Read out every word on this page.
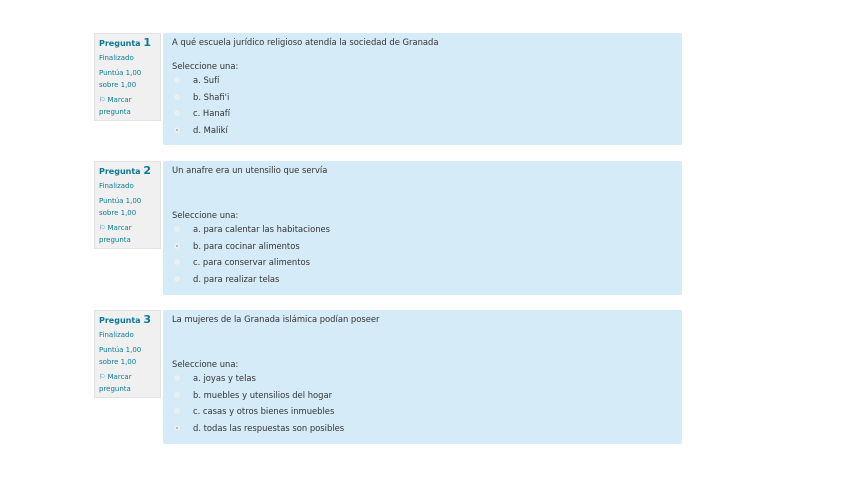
Pregunta 1
Finalizado
Puntúa 1,00
sobre 1,00
⚐ Marcar
pregunta
A qué escuela jurídico religioso atendía la sociedad de Granada
Seleccione una:
a. Sufí
b. Shafi'i
c. Hanafí
d. Malikí
Pregunta 2
Finalizado
Puntúa 1,00
sobre 1,00
⚐ Marcar
pregunta
Un anafre era un utensilio que servía
Seleccione una:
a. para calentar las habitaciones
b. para cocinar alimentos
c. para conservar alimentos
d. para realizar telas
Pregunta 3
Finalizado
Puntúa 1,00
sobre 1,00
⚐ Marcar
pregunta
La mujeres de la Granada islámica podían poseer
Seleccione una:
a. joyas y telas
b. muebles y utensilios del hogar
c. casas y otros bienes inmuebles
d. todas las respuestas son posibles
